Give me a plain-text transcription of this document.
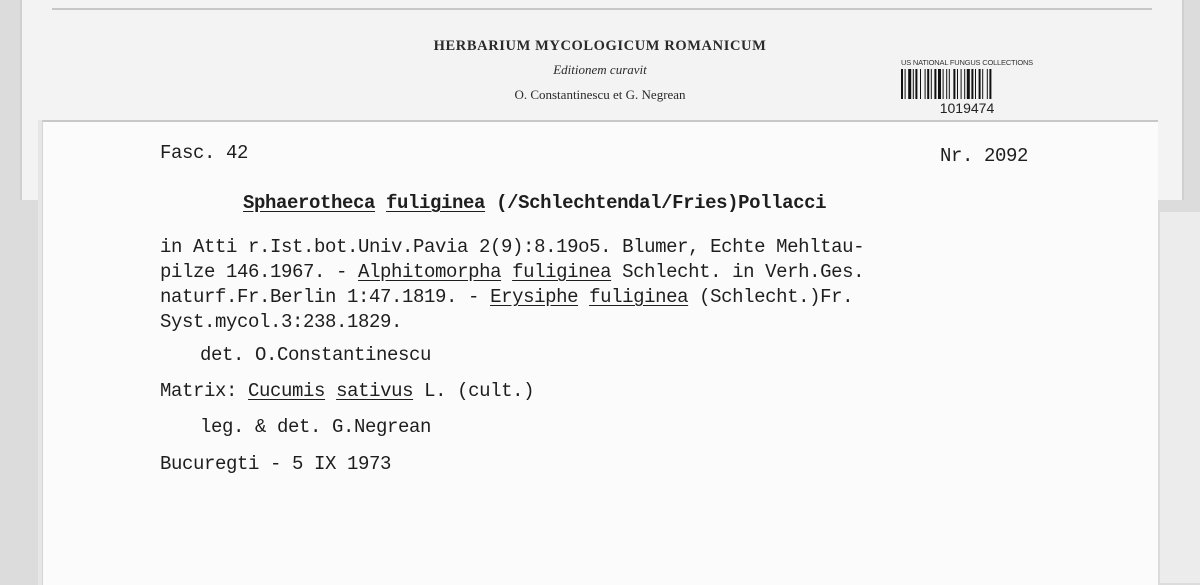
HERBARIUM MYCOLOGICUM ROMANICUM
Editionem curavit
O. Constantinescu et G. Negrean
US NATIONAL FUNGUS COLLECTIONS
1019474
Fasc. 42	Nr. 2092
Sphaerotheca fuliginea (/Schlechtendal/Fries)Pollacci
in Atti r.Ist.bot.Univ.Pavia 2(9):8.19o5. Blumer, Echte Mehltau-
pilze 146.1967. - Alphitomorpha fuliginea Schlecht. in Verh.Ges.
naturf.Fr.Berlin 1:47.1819. - Erysiphe fuliginea (Schlecht.)Fr.
Syst.mycol.3:238.1829.
det. O.Constantinescu
Matrix: Cucumis sativus L. (cult.)
leg. & det. G.Negrean
Bucuregti - 5 IX 1973
